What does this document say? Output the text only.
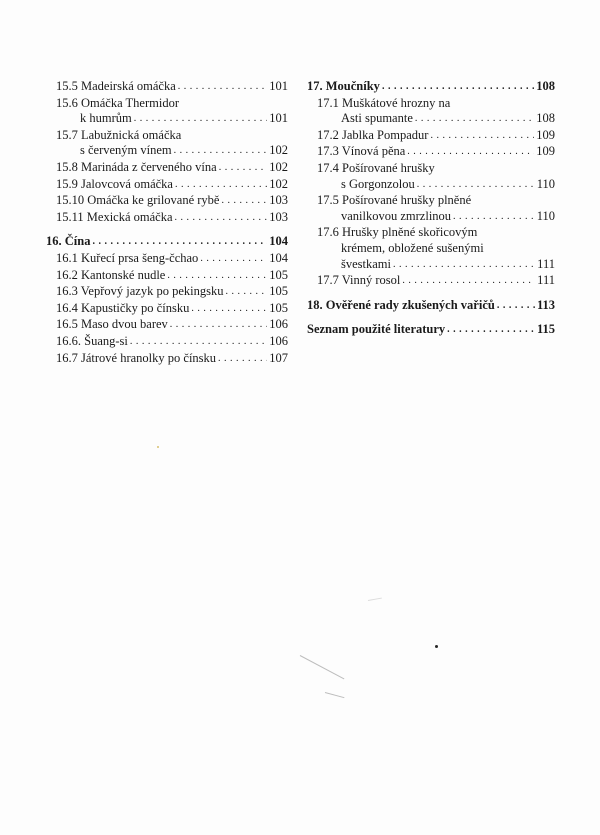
15.5 Madeirská omáčka . . .	101
15.6 Omáčka Thermidor
k humrům . . .	101
15.7 Labužnická omáčka
s červeným vínem . . .	102
15.8 Marináda z červeného vína . . .	102
15.9 Jalovcová omáčka . . .	102
15.10 Omáčka ke grilované rybě . . .	103
15.11 Mexická omáčka . . .	103
16. Čína . . .	104
16.1 Kuřecí prsa šeng-čchao . . .	104
16.2 Kantonské nudle . . .	105
16.3 Vepřový jazyk po pekingsku . . .	105
16.4 Kapustičky po čínsku . . .	105
16.5 Maso dvou barev . . .	106
16.6. Šuang-si . . .	106
16.7 Játrové hranolky po čínsku . . .	107
17. Moučníky . . .	108
17.1 Muškátové hrozny na
Asti spumante . . .	108
17.2 Jablka Pompadur . . .	109
17.3 Vínová pěna . . .	109
17.4 Pošírované hrušky
s Gorgonzolou . . .	110
17.5 Pošírované hrušky plněné
vanilkovou zmrzlinou . . .	110
17.6 Hrušky plněné skořicovým
krémem, obložené sušenými
švestkami . . .	111
17.7 Vinný rosol . . .	111
18. Ověřené rady zkušených vařičů . . .	113
Seznam použité literatury . . .	115
